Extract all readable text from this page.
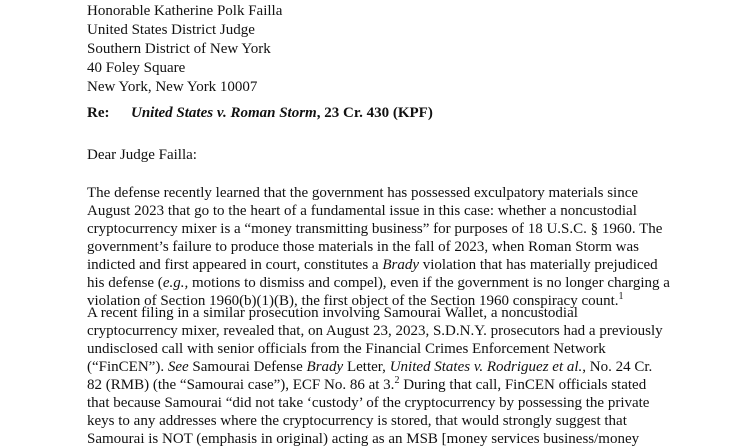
Honorable Katherine Polk Failla
United States District Judge
Southern District of New York
40 Foley Square
New York, New York 10007
Re: United States v. Roman Storm, 23 Cr. 430 (KPF)
Dear Judge Failla:
The defense recently learned that the government has possessed exculpatory materials since
August 2023 that go to the heart of a fundamental issue in this case: whether a noncustodial
cryptocurrency mixer is a “money transmitting business” for purposes of 18 U.S.C. § 1960. The
government’s failure to produce those materials in the fall of 2023, when Roman Storm was
indicted and first appeared in court, constitutes a Brady violation that has materially prejudiced
his defense (e.g., motions to dismiss and compel), even if the government is no longer charging a
violation of Section 1960(b)(1)(B), the first object of the Section 1960 conspiracy count.$^1$
A recent filing in a similar prosecution involving Samourai Wallet, a noncustodial
cryptocurrency mixer, revealed that, on August 23, 2023, S.D.N.Y. prosecutors had a previously
undisclosed call with senior officials from the Financial Crimes Enforcement Network
(“FinCEN”). See Samourai Defense Brady Letter, United States v. Rodriguez et al., No. 24 Cr.
82 (RMB) (the “Samourai case”), ECF No. 86 at 3.$^2$ During that call, FinCEN officials stated
that because Samourai “did not take ‘custody’ of the cryptocurrency by possessing the private
keys to any addresses where the cryptocurrency is stored, that would strongly suggest that
Samourai is NOT (emphasis in original) acting as an MSB [money services business/money
